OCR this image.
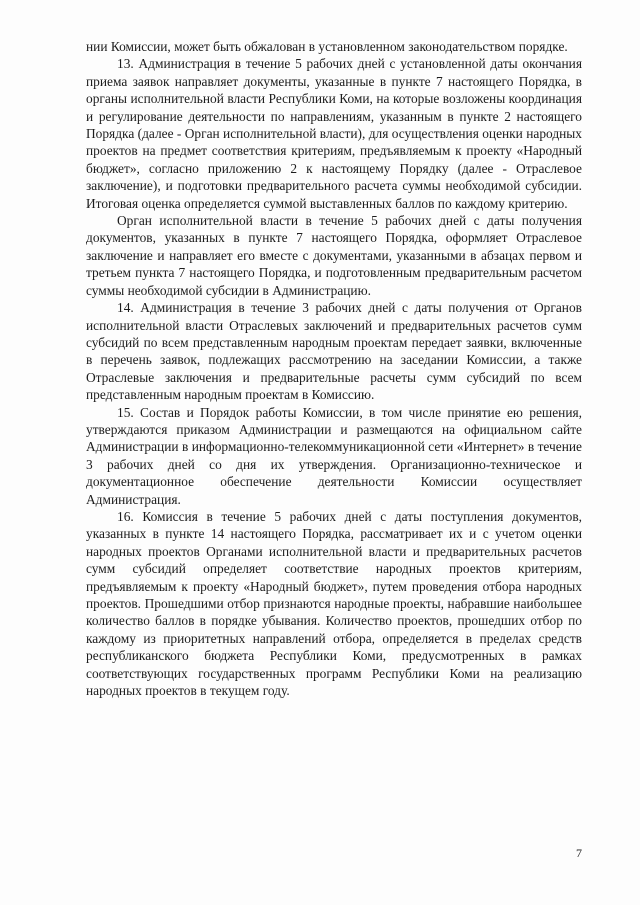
нии Комиссии, может быть обжалован в установленном законодательством порядке.

13. Администрация в течение 5 рабочих дней с установленной даты окончания приема заявок направляет документы, указанные в пункте 7 настоящего Порядка, в органы исполнительной власти Республики Коми, на которые возложены координация и регулирование деятельности по направлениям, указанным в пункте 2 настоящего Порядка (далее - Орган исполнительной власти), для осуществления оценки народных проектов на предмет соответствия критериям, предъявляемым к проекту «Народный бюджет», согласно приложению 2 к настоящему Порядку (далее - Отраслевое заключение), и подготовки предварительного расчета суммы необходимой субсидии. Итоговая оценка определяется суммой выставленных баллов по каждому критерию.

Орган исполнительной власти в течение 5 рабочих дней с даты получения документов, указанных в пункте 7 настоящего Порядка, оформляет Отраслевое заключение и направляет его вместе с документами, указанными в абзацах первом и третьем пункта 7 настоящего Порядка, и подготовленным предварительным расчетом суммы необходимой субсидии в Администрацию.

14. Администрация в течение 3 рабочих дней с даты получения от Органов исполнительной власти Отраслевых заключений и предварительных расчетов сумм субсидий по всем представленным народным проектам передает заявки, включенные в перечень заявок, подлежащих рассмотрению на заседании Комиссии, а также Отраслевые заключения и предварительные расчеты сумм субсидий по всем представленным народным проектам в Комиссию.

15. Состав и Порядок работы Комиссии, в том числе принятие ею решения, утверждаются приказом Администрации и размещаются на официальном сайте Администрации в информационно-телекоммуникационной сети «Интернет» в течение 3 рабочих дней со дня их утверждения. Организационно-техническое и документационное обеспечение деятельности Комиссии осуществляет Администрация.

16. Комиссия в течение 5 рабочих дней с даты поступления документов, указанных в пункте 14 настоящего Порядка, рассматривает их и с учетом оценки народных проектов Органами исполнительной власти и предварительных расчетов сумм субсидий определяет соответствие народных проектов критериям, предъявляемым к проекту «Народный бюджет», путем проведения отбора народных проектов. Прошедшими отбор признаются народные проекты, набравшие наибольшее количество баллов в порядке убывания. Количество проектов, прошедших отбор по каждому из приоритетных направлений отбора, определяется в пределах средств республиканского бюджета Республики Коми, предусмотренных в рамках соответствующих государственных программ Республики Коми на реализацию народных проектов в текущем году.

7
